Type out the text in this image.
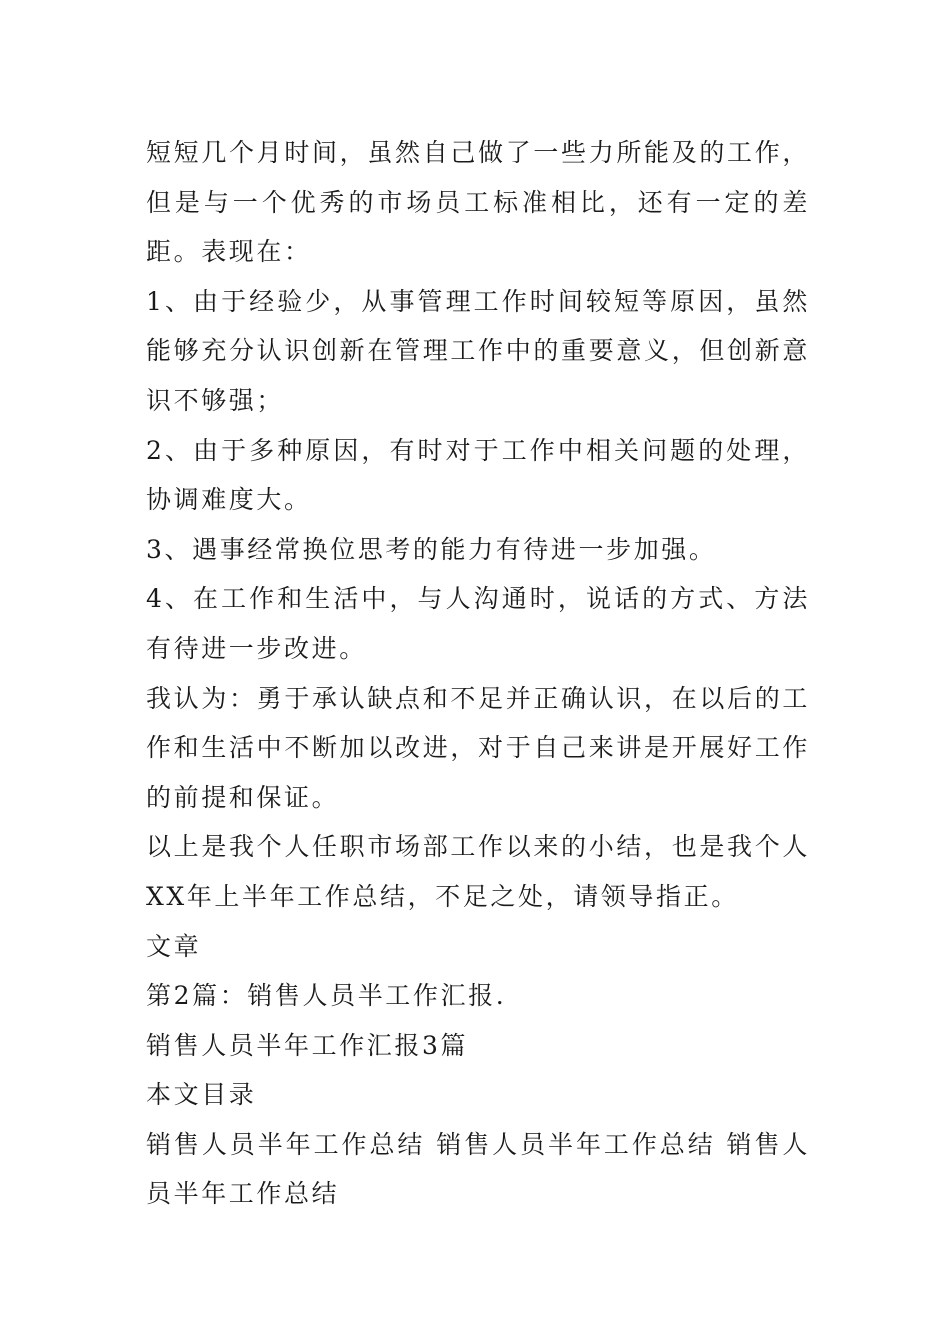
短短几个月时间，虽然自己做了一些力所能及的工作，但是与一个优秀的市场员工标准相比，还有一定的差距。表现在：

1、由于经验少，从事管理工作时间较短等原因，虽然能够充分认识创新在管理工作中的重要意义，但创新意识不够强；

2、由于多种原因，有时对于工作中相关问题的处理，协调难度大。

3、遇事经常换位思考的能力有待进一步加强。

4、在工作和生活中，与人沟通时，说话的方式、方法有待进一步改进。

我认为：勇于承认缺点和不足并正确认识，在以后的工作和生活中不断加以改进，对于自己来讲是开展好工作的前提和保证。

以上是我个人任职市场部工作以来的小结，也是我个人XX年上半年工作总结，不足之处，请领导指正。

文章

第2篇：销售人员半工作汇报.

销售人员半年工作汇报3篇

本文目录

销售人员半年工作总结 销售人员半年工作总结 销售人员半年工作总结
